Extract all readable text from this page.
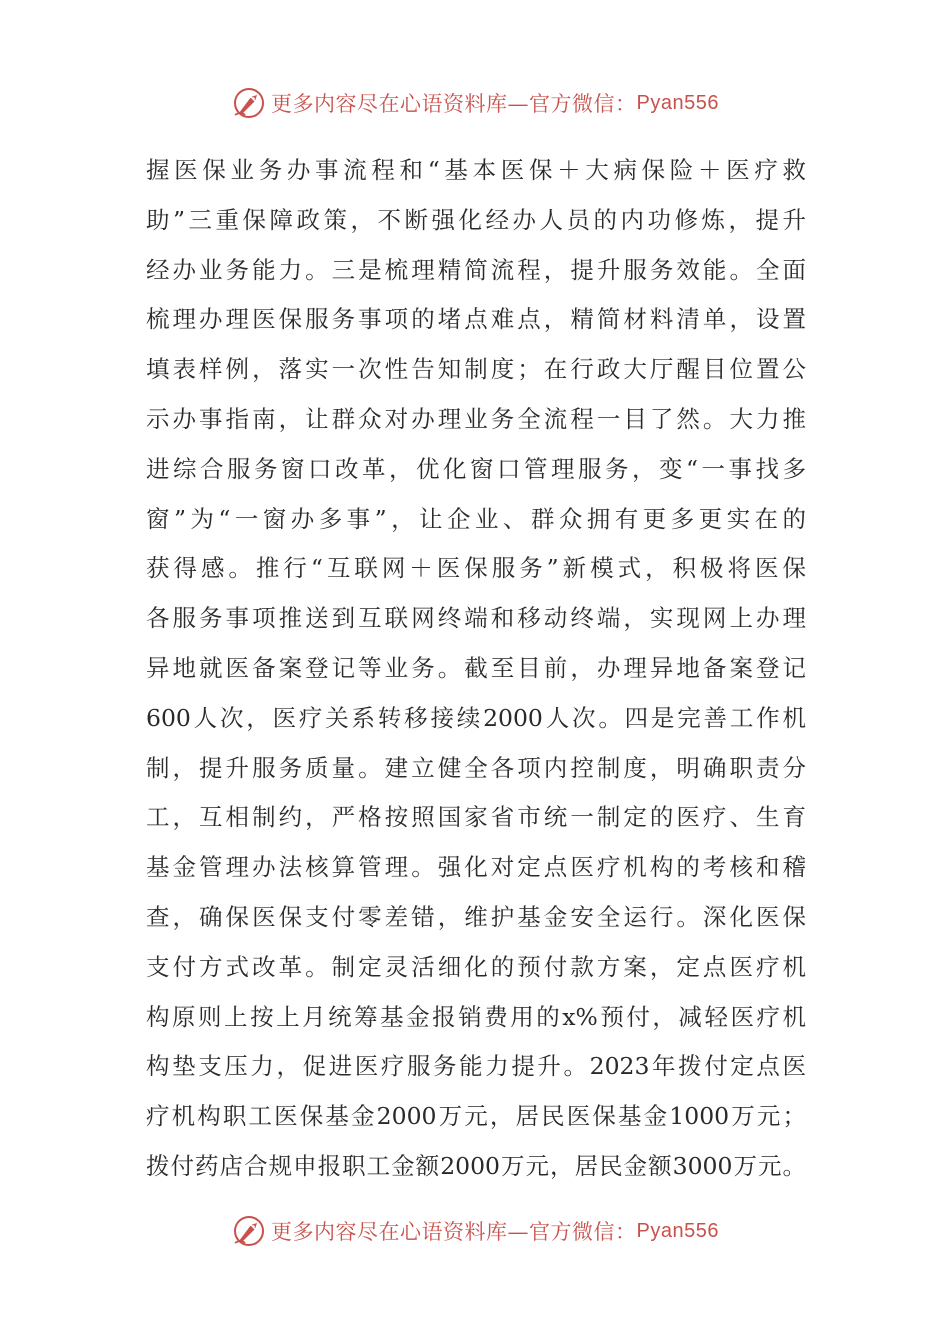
更多内容尽在心语资料库—官方微信： Pyan556
握医保业务办事流程和“基本医保＋大病保险＋医疗救
助”三重保障政策，不断强化经办人员的内功修炼，提升
经办业务能力。三是梳理精简流程，提升服务效能。全面
梳理办理医保服务事项的堵点难点，精简材料清单，设置
填表样例，落实一次性告知制度；在行政大厅醒目位置公
示办事指南，让群众对办理业务全流程一目了然。大力推
进综合服务窗口改革，优化窗口管理服务，变“一事找多
窗”为“一窗办多事”，让企业、群众拥有更多更实在的
获得感。推行“互联网＋医保服务”新模式，积极将医保
各服务事项推送到互联网终端和移动终端，实现网上办理
异地就医备案登记等业务。截至目前，办理异地备案登记
600人次，医疗关系转移接续2000人次。四是完善工作机
制，提升服务质量。建立健全各项内控制度，明确职责分
工，互相制约，严格按照国家省市统一制定的医疗、生育
基金管理办法核算管理。强化对定点医疗机构的考核和稽
查，确保医保支付零差错，维护基金安全运行。深化医保
支付方式改革。制定灵活细化的预付款方案，定点医疗机
构原则上按上月统筹基金报销费用的x%预付，减轻医疗机
构垫支压力，促进医疗服务能力提升。2023年拨付定点医
疗机构职工医保基金2000万元，居民医保基金1000万元；
拨付药店合规申报职工金额2000万元，居民金额3000万元。
更多内容尽在心语资料库—官方微信： Pyan556
